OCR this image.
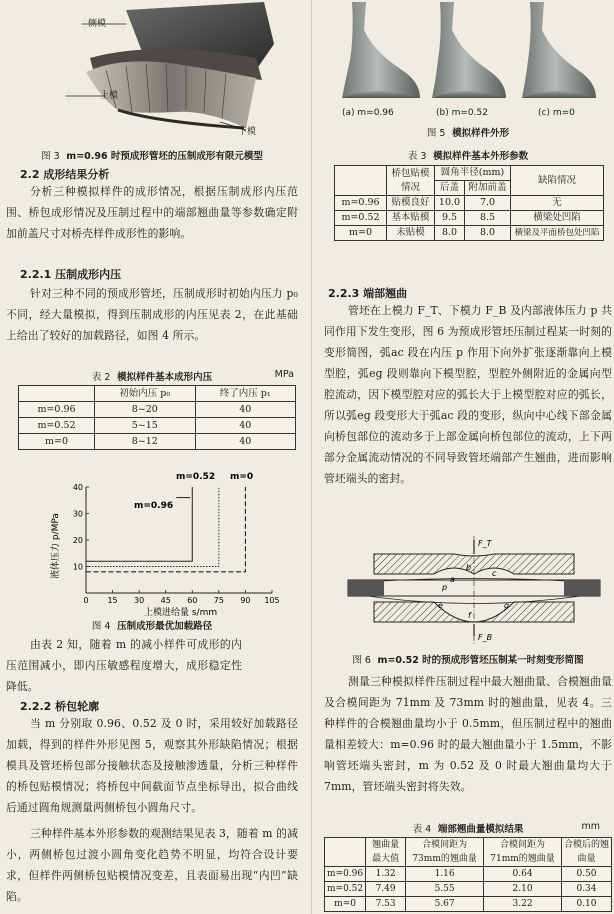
侧模
上模
下模
图 3 m=0.96 时预成形管坯的压制成形有限元模型
2.2 成形结果分析
分析三种模拟样件的成形情况，根据压制成形内压范围、桥包成形情况及压制过程中的端部翘曲量等参数确定附加前盖尺寸对桥壳样件成形性的影响。
2.2.1 压制成形内压
针对三种不同的预成形管坯，压制成形时初始内压力 p₀ 不同，经大量模拟，得到压制成形的内压见表 2，在此基础上给出了较好的加载路径，如图 4 所示。
表 2 模拟样件基本成形内压	MPa
	初始内压 p₀	终了内压 p₁
m=0.96	8~20	40
m=0.52	5~15	40
m=0	8~12	40
0 15 30 45 60 75 90 105
10
20
30
40
液体压力 p/MPa
上模进给量 s/mm
m=0.96
m=0.52 m=0
图 4 压制成形最优加载路径
由表 2 知，随着 m 的减小样件可成形的内压范围减小，即内压敏感程度增大，成形稳定性降低。
2.2.2 桥包轮廓
当 m 分别取 0.96、0.52 及 0 时，采用较好加载路径加载，得到的样件外形见图 5，观察其外形缺陷情况；根据模具及管坯桥包部分接触状态及接触渗透量，分析三种样件的桥包贴模情况；将桥包中间截面节点坐标导出，拟合曲线后通过圆角规测量两侧桥包小圆角尺寸。
三种样件基本外形参数的观测结果见表 3，随着 m 的减小，两侧桥包过渡小圆角变化趋势不明显，均符合设计要求，但样件两侧桥包贴模情况变差，且表面易出现“内凹”缺陷。
(a) m=0.96	(b) m=0.52	(c) m=0
图 5 模拟样件外形
表 3 模拟样件基本外形参数
	桥包贴模情况	圆角半径(mm)		缺陷情况
		后盖	附加前盖	
m=0.96	贴模良好	10.0	7.0	无
m=0.52	基本贴模	9.5	8.5	横梁处凹陷
m=0	未贴模	8.0	8.0	横梁及平面桥包处凹陷
2.2.3 端部翘曲
管坯在上模力 F_T、下模力 F_B 及内部液体压力 p 共同作用下发生变形，图 6 为预成形管坯压制过程某一时刻的变形简图，弧ac 段在内压 p 作用下向外扩张逐渐靠向上模型腔，弧eg 段则靠向下模型腔，型腔外侧附近的金属向型腔流动，因下模型腔对应的弧长大于上模型腔对应的弧长，所以弧eg 段变形大于弧ac 段的变形，纵向中心线下部金属向桥包部位的流动多于上部金属向桥包部位的流动，上下两部分金属流动情况的不同导致管坯端部产生翘曲，进而影响管坯端头的密封。
F_T
F_B
a
b
c
e
f
g
p
图 6 m=0.52 时的预成形管坯压制某一时刻变形简图
测量三种模拟样件压制过程中最大翘曲量、合模翘曲量及合模间距为 71mm 及 73mm 时的翘曲量，见表 4。三种样件的合模翘曲量均小于 0.5mm，但压制过程中的翘曲量相差较大：m=0.96 时的最大翘曲量小于 1.5mm，不影响管坯端头密封，m 为 0.52 及 0 时最大翘曲量均大于 7mm，管坯端头密封将失效。
表 4 端部翘曲量模拟结果	mm
	翘曲量最大值	合模间距为73mm的翘曲量	合模间距为71mm的翘曲量	合模后的翘曲量
m=0.96	1.32	1.16	0.64	0.50
m=0.52	7.49	5.55	2.10	0.34
m=0	7.53	5.67	3.22	0.10
